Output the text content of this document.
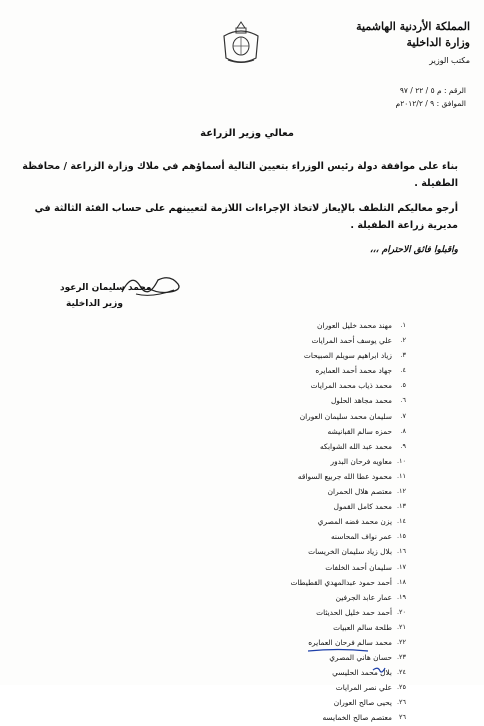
المملكة الأردنية الهاشمية
وزارة الداخلية
مكتب الوزير
الرقم : م ٥ / ٢٢ / ٩٧
الموافق : ٩ / ٢٠١٢/٢م
معالي وزير الزراعة
بناء على موافقة دولة رئيس الوزراء بتعيين التالية أسماؤهم في ملاك وزارة الزراعة / محافظة الطفيلة .
أرجو معاليكم التلطف بالإيعاز لاتخاذ الإجراءات اللازمة لتعيينهم على حساب الفئة الثالثة في مديرية زراعة الطفيلة .
واقبلوا فائق الاحترام ،،،
محمد سليمان الرعود
وزير الداخلية
١.
مهند محمد خليل العوران
٢.
علي يوسف أحمد المرايات
٣.
زياد ابراهيم سويلم الصبيحات
٤.
جهاد محمد أحمد العمايره
٥.
محمد ذياب محمد المرايات
٦.
محمد مجاهد الحلول
٧.
سليمان محمد سليمان العوران
٨.
حمزه سالم القبانيشه
٩.
محمد عبد الله الشوابكه
١٠.
معاويه فرحان البدور
١١.
محمود عطا الله جربيع السواقه
١٢.
معتصم هلال الحمران
١٣.
محمد كامل القمول
١٤.
يزن محمد فضه المصري
١٥.
عمر نواف المحاسنه
١٦.
بلال زياد سليمان الخريسات
١٧.
سليمان أحمد الخلفات
١٨.
أحمد حمود عبدالمهدي القطيطات
١٩.
عمار عابد الجرفين
٢٠.
أحمد حمد خليل الحديثات
٢١.
طلحة سالم العبيات
٢٢.
محمد سالم فرحان العمايره
٢٣.
حسان هاني المصري
٢٤.
بلال محمد الحليسي
٢٥.
علي نصر المرايات
٢٦.
يحيى صالح العوران
٢٦
معتصم صالح الخمايسه
